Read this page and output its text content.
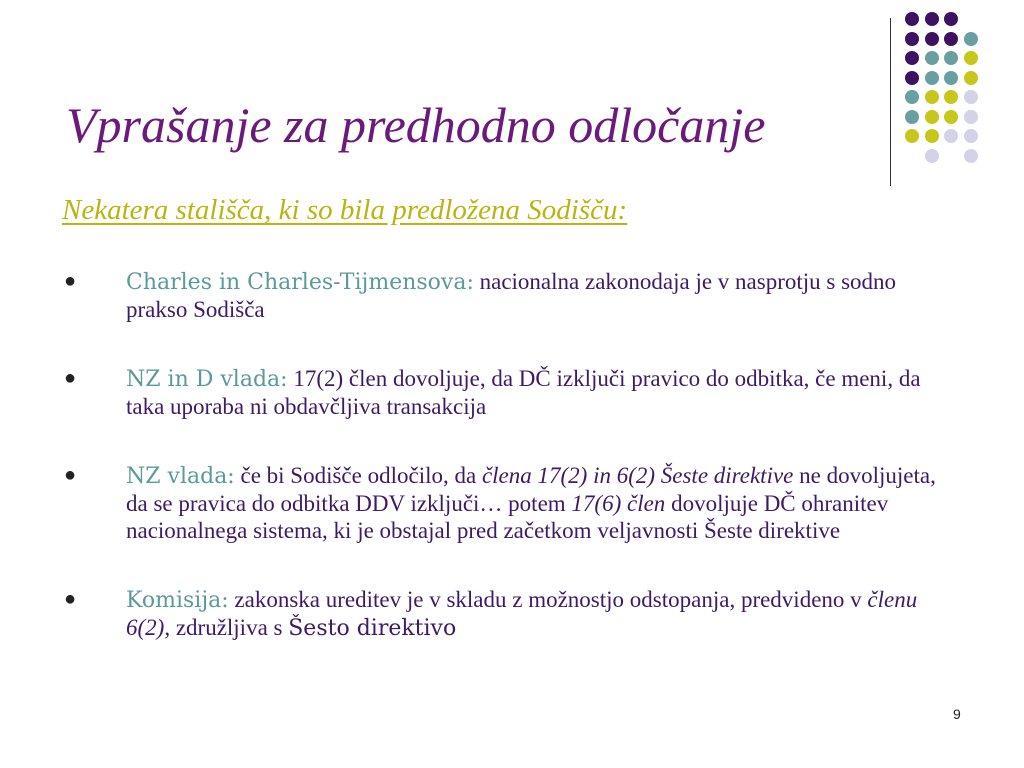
Vprašanje za predhodno odločanje
Nekatera stališča, ki so bila predložena Sodišču:
● Charles in Charles-Tijmensova: nacionalna zakonodaja je v nasprotju s sodno prakso Sodišča
● NZ in D vlada: 17(2) člen dovoljuje, da DČ izključi pravico do odbitka, če meni, da taka uporaba ni obdavčljiva transakcija
● NZ vlada: če bi Sodišče odločilo, da člena 17(2) in 6(2) Šeste direktive ne dovoljujeta, da se pravica do odbitka DDV izključi… potem 17(6) člen dovoljuje DČ ohranitev nacionalnega sistema, ki je obstajal pred začetkom veljavnosti Šeste direktive
● Komisija: zakonska ureditev je v skladu z možnostjo odstopanja, predvideno v členu 6(2), združljiva s Šesto direktivo
9
